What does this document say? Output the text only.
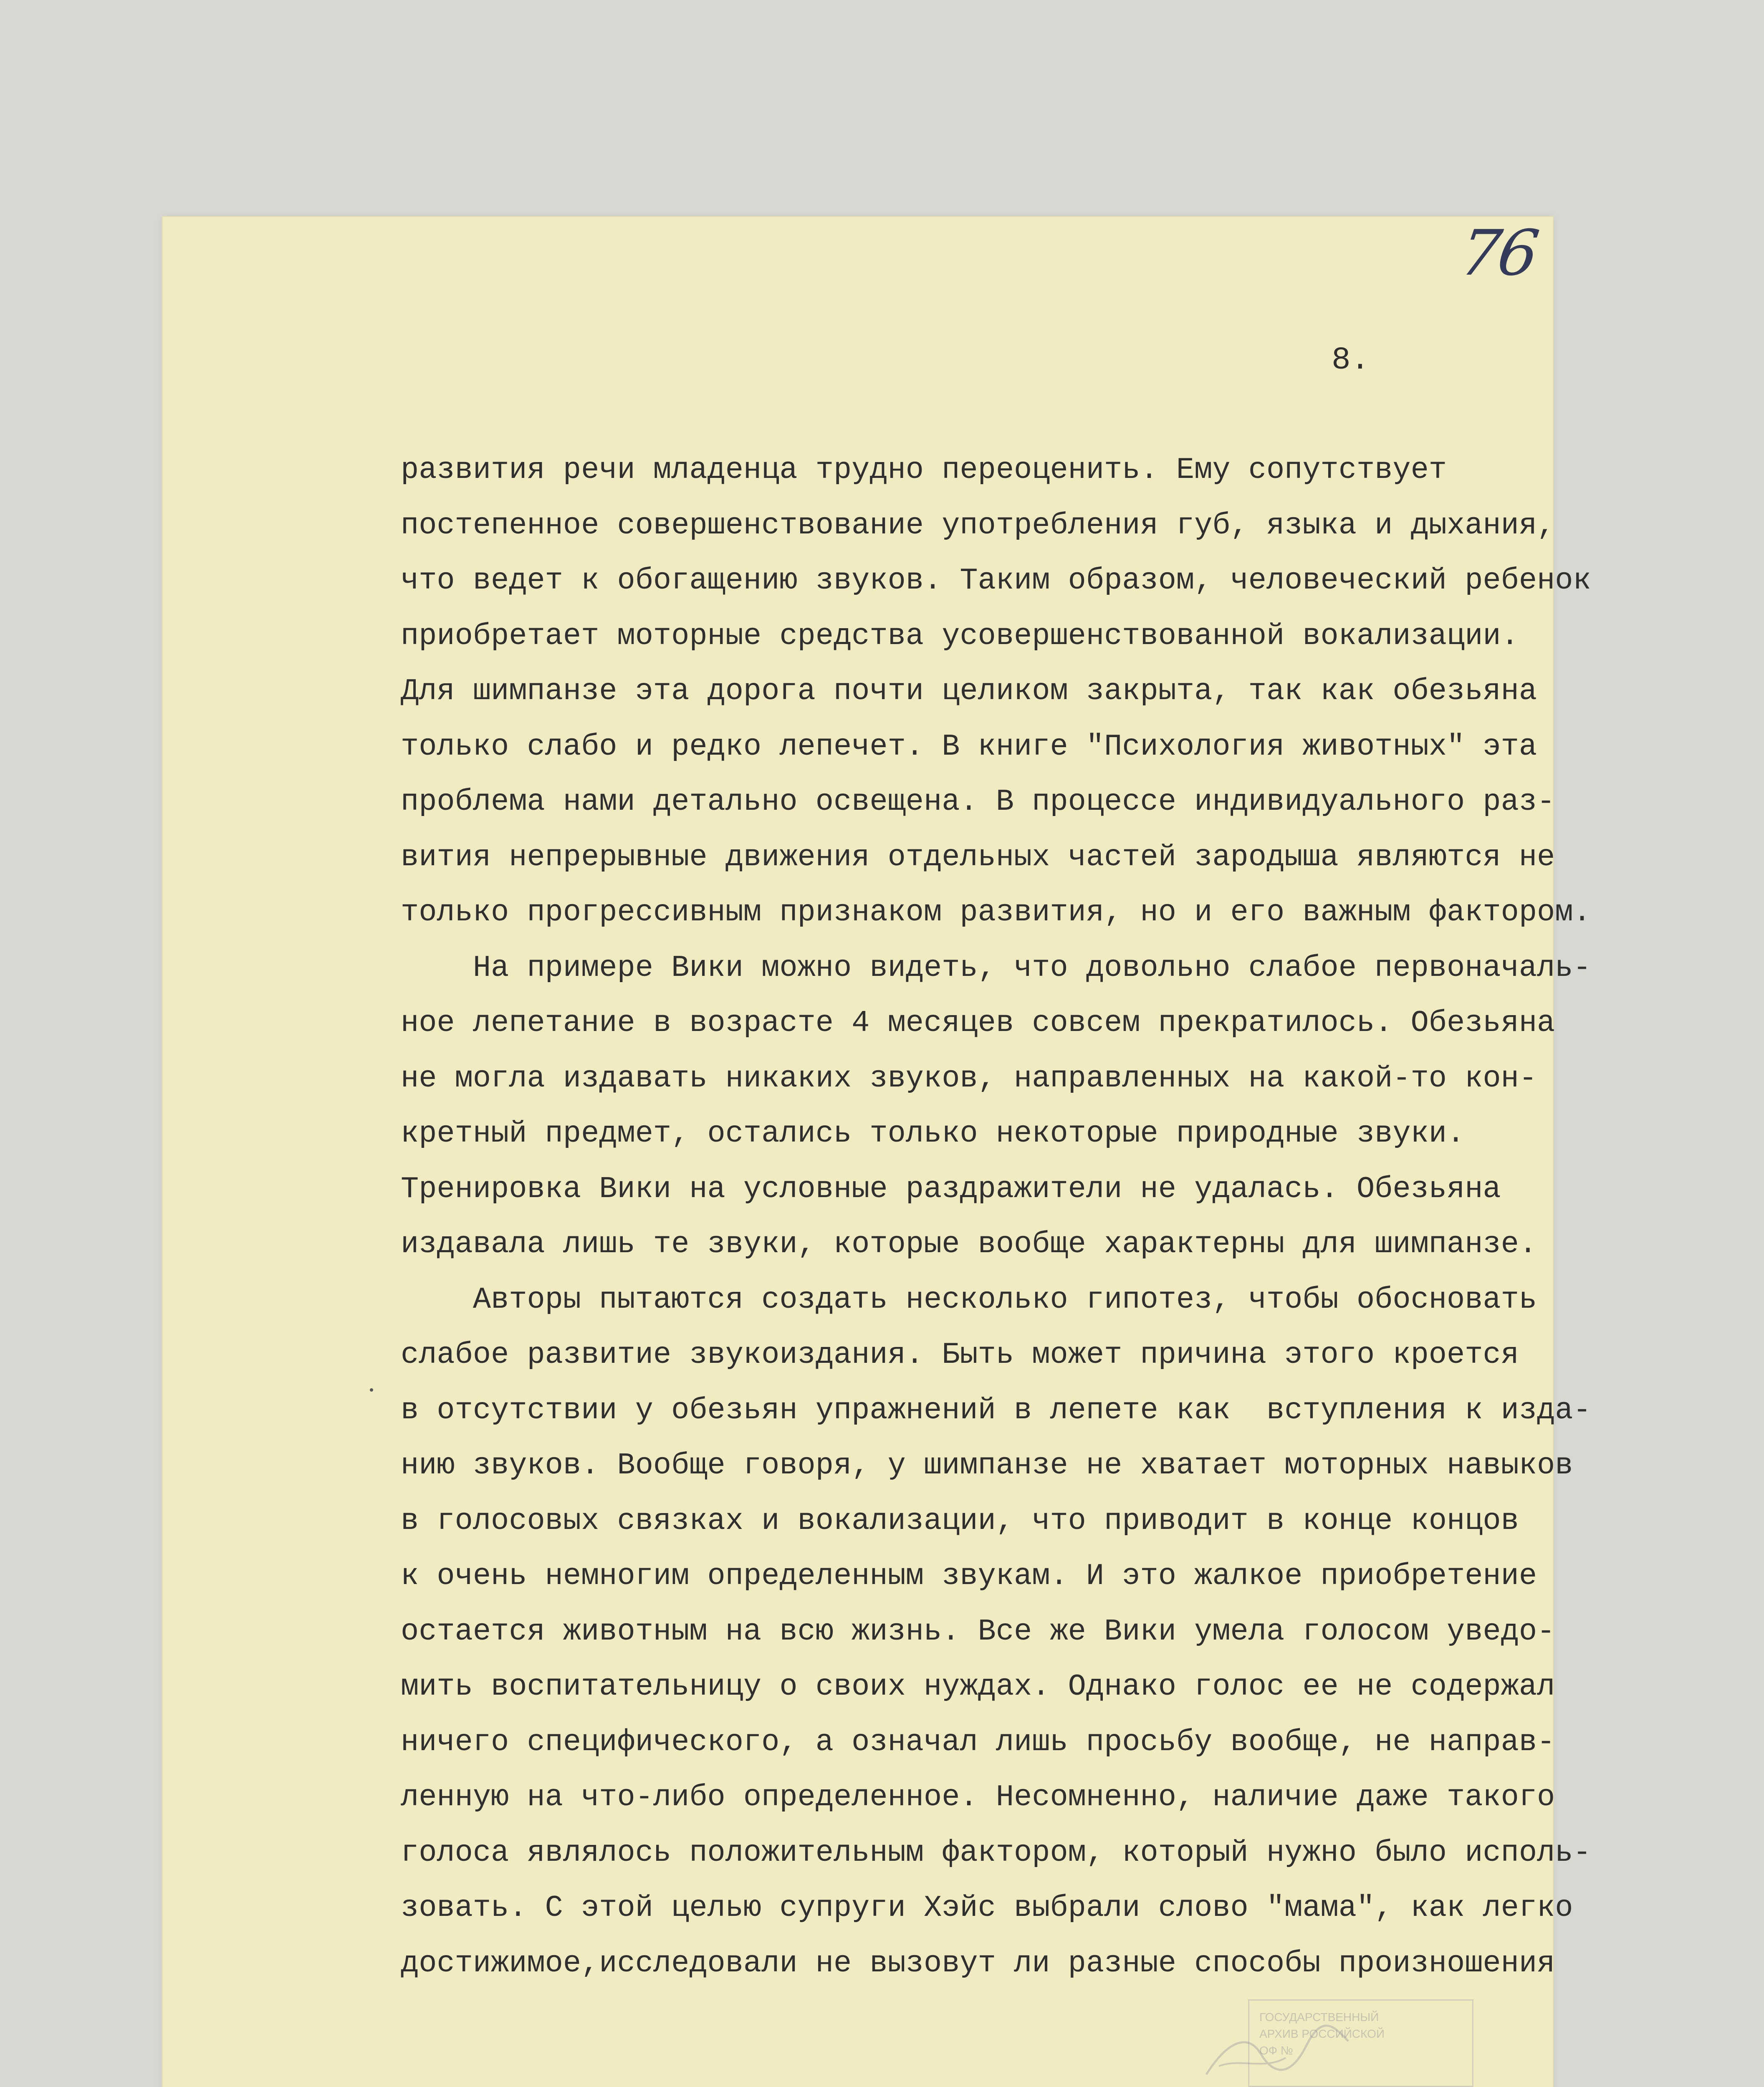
76
8.
развития речи младенца трудно переоценить. Ему сопутствует
постепенное совершенствование употребления губ, языка и дыхания,
что ведет к обогащению звуков. Таким образом, человеческий ребенок
приобретает моторные средства усовершенствованной вокализации.
Для шимпанзе эта дорога почти целиком закрыта, так как обезьяна
только слабо и редко лепечет. В книге "Психология животных" эта
проблема нами детально освещена. В процессе индивидуального раз-
вития непрерывные движения отдельных частей зародыша являются не
только прогрессивным признаком развития, но и его важным фактором.
На примере Вики можно видеть, что довольно слабое первоначаль-
ное лепетание в возрасте 4 месяцев совсем прекратилось. Обезьяна
не могла издавать никаких звуков, направленных на какой-то кон-
кретный предмет, остались только некоторые природные звуки.
Тренировка Вики на условные раздражители не удалась. Обезьяна
издавала лишь те звуки, которые вообще характерны для шимпанзе.
Авторы пытаются создать несколько гипотез, чтобы обосновать
слабое развитие звукоиздания. Быть может причина этого кроется
в отсутствии у обезьян упражнений в лепете как  вступления к изда-
нию звуков. Вообще говоря, у шимпанзе не хватает моторных навыков
в голосовых связках и вокализации, что приводит в конце концов
к очень немногим определенным звукам. И это жалкое приобретение
остается животным на всю жизнь. Все же Вики умела голосом уведо-
мить воспитательницу о своих нуждах. Однако голос ее не содержал
ничего специфического, а означал лишь просьбу вообще, не направ-
ленную на что-либо определенное. Несомненно, наличие даже такого
голоса являлось положительным фактором, который нужно было исполь-
зовать. С этой целью супруги Хэйс выбрали слово "мама", как легко
достижимое,исследовали не вызовут ли разные способы произношения
ГОСУДАРСТВЕННЫЙ
АРХИВ РОССИЙСКОЙ
ОФ №
